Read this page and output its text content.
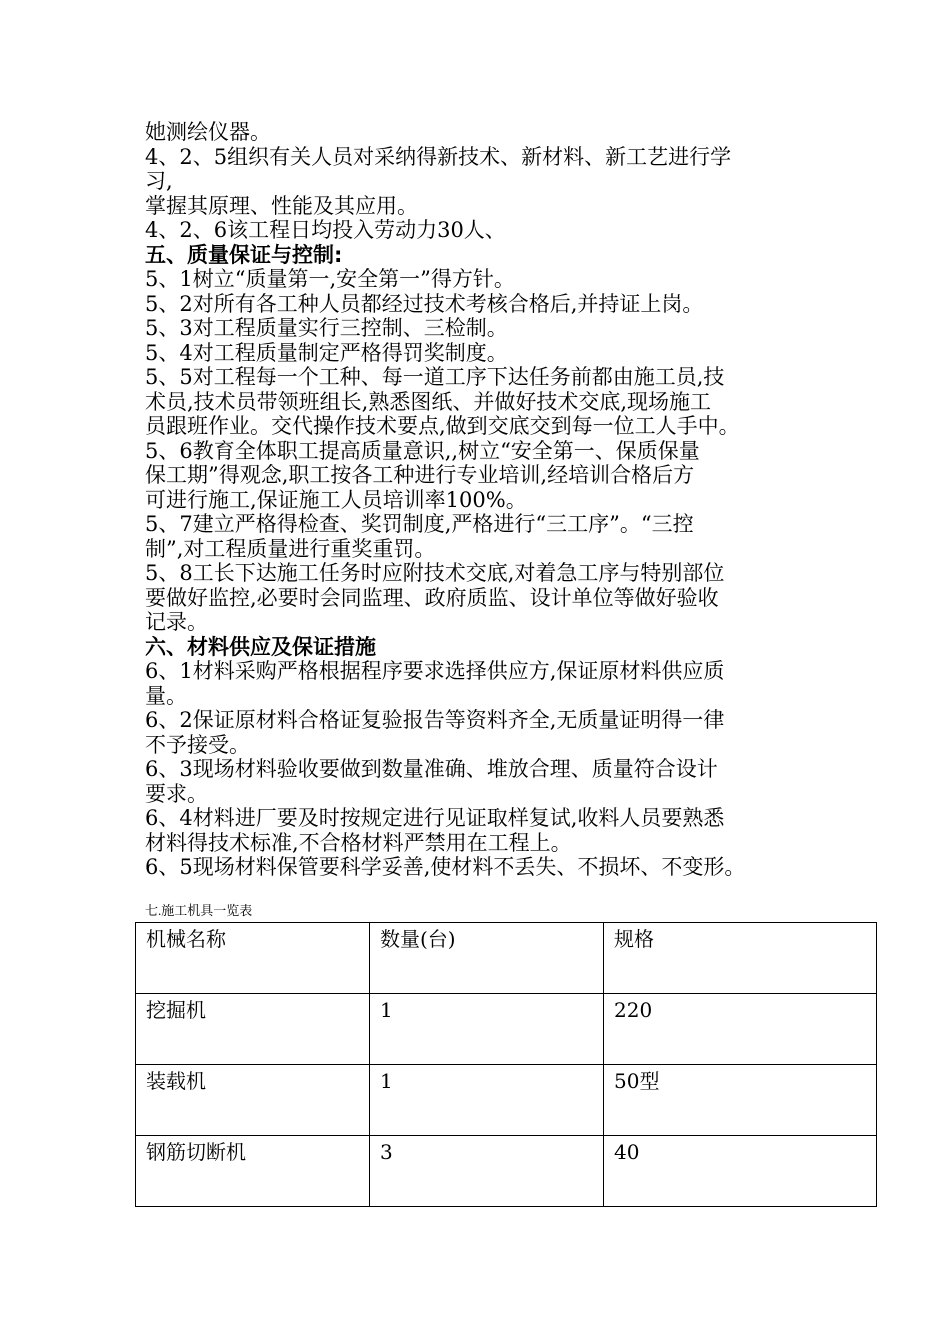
她测绘仪器。

4、2、5组织有关人员对采纳得新技术、新材料、新工艺进行学

习,

掌握其原理、性能及其应用。

4、2、6该工程日均投入劳动力30人、

五、质量保证与控制:

5、1树立“质量第一,安全第一”得方针。

5、2对所有各工种人员都经过技术考核合格后,并持证上岗。

5、3对工程质量实行三控制、三检制。

5、4对工程质量制定严格得罚奖制度。

5、5对工程每一个工种、每一道工序下达任务前都由施工员,技

术员,技术员带领班组长,熟悉图纸、并做好技术交底,现场施工

员跟班作业。交代操作技术要点,做到交底交到每一位工人手中。

5、6教育全体职工提高质量意识,,树立“安全第一、保质保量

保工期”得观念,职工按各工种进行专业培训,经培训合格后方

可进行施工,保证施工人员培训率100%。

5、7建立严格得检查、奖罚制度,严格进行“三工序”。“三控

制”,对工程质量进行重奖重罚。

5、8工长下达施工任务时应附技术交底,对着急工序与特别部位

要做好监控,必要时会同监理、政府质监、设计单位等做好验收

记录。

六、材料供应及保证措施

6、1材料采购严格根据程序要求选择供应方,保证原材料供应质

量。

6、2保证原材料合格证复验报告等资料齐全,无质量证明得一律

不予接受。

6、3现场材料验收要做到数量准确、堆放合理、质量符合设计

要求。

6、4材料进厂要及时按规定进行见证取样复试,收料人员要熟悉

材料得技术标准,不合格材料严禁用在工程上。

6、5现场材料保管要科学妥善,使材料不丢失、不损坏、不变形。

七.施工机具一览表

机械名称	数量(台)	规格
挖掘机	1	220
装载机	1	50型
钢筋切断机	3	40
